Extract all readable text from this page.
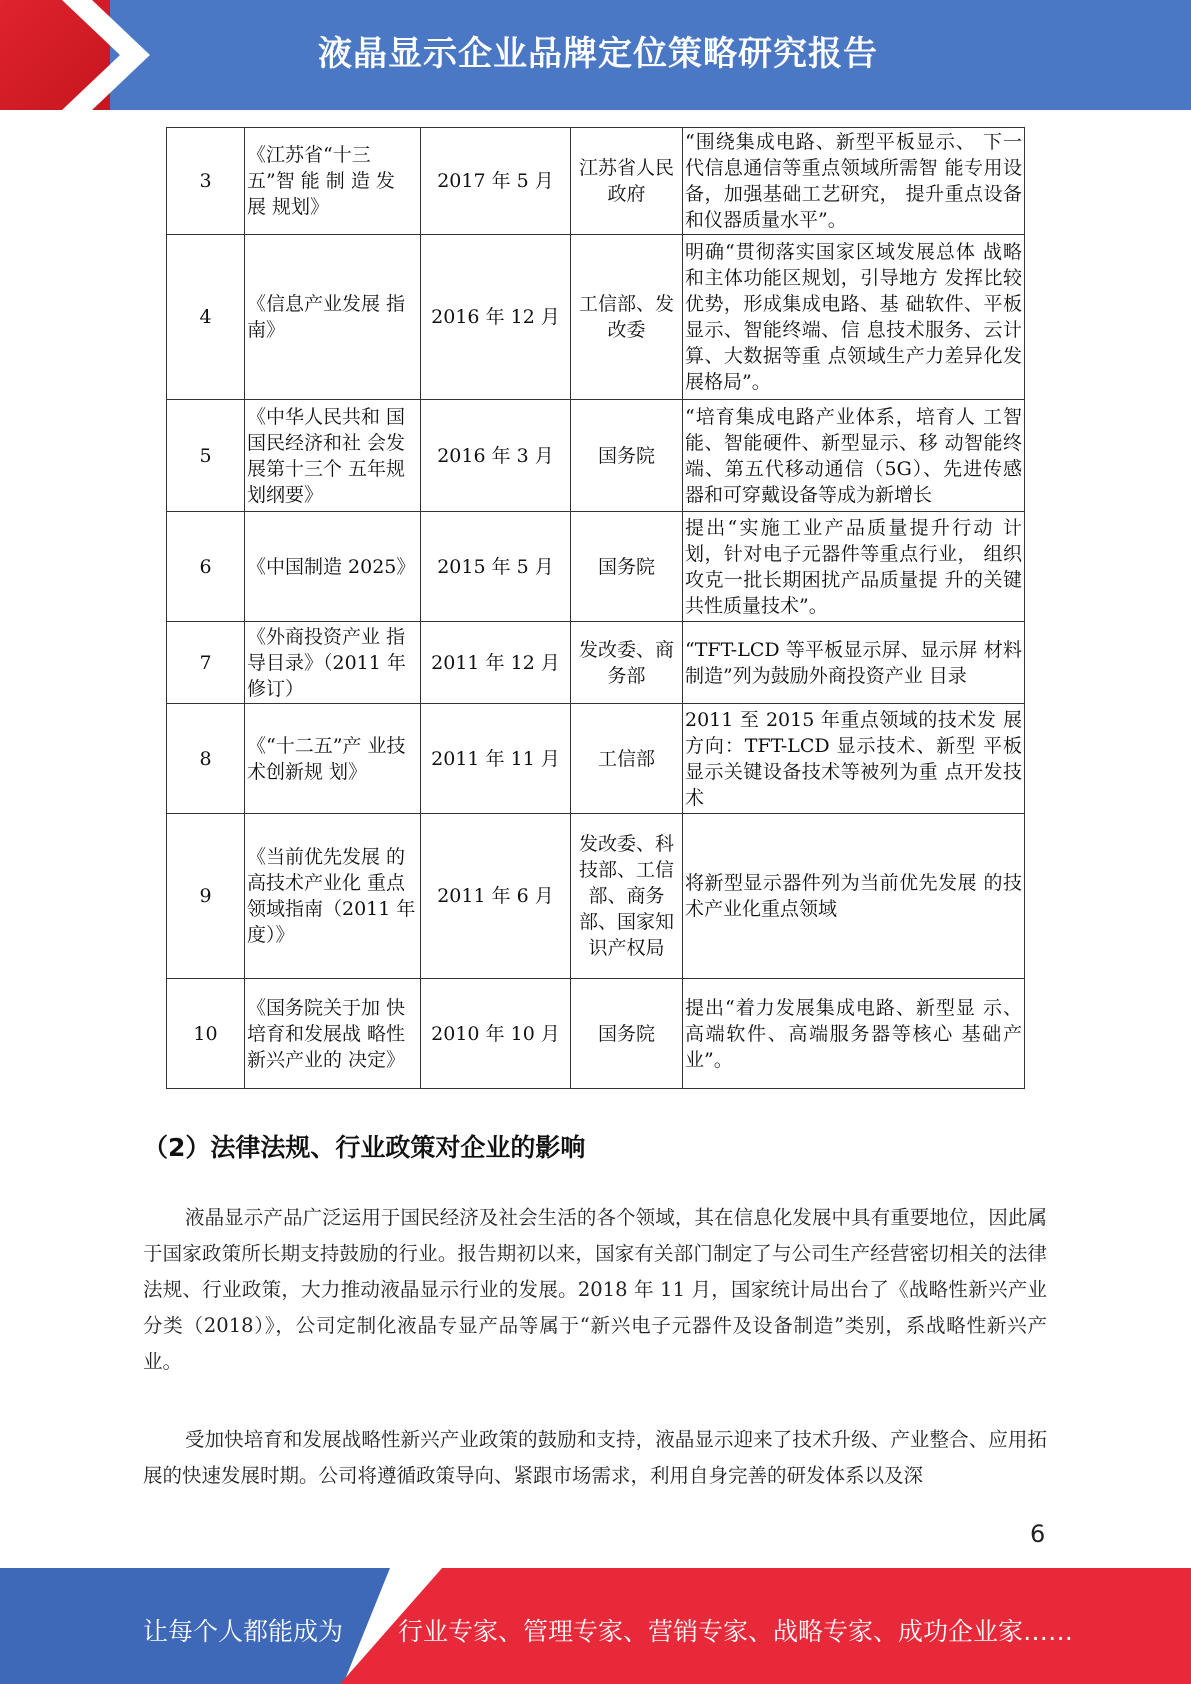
液晶显示企业品牌定位策略研究报告
3	《江苏省“十三 五”智 能 制 造 发 展 规划》	2017 年 5 月	江苏省人民政府	“围绕集成电路、新型平板显示、 下一代信息通信等重点领域所需智 能专用设备，加强基础工艺研究， 提升重点设备和仪器质量水平”。
4	《信息产业发展 指南》	2016 年 12 月	工信部、发改委	明确“贯彻落实国家区域发展总体 战略和主体功能区规划，引导地方 发挥比较优势，形成集成电路、基 础软件、平板显示、智能终端、信 息技术服务、云计算、大数据等重 点领域生产力差异化发展格局”。
5	《中华人民共和 国国民经济和社 会发展第十三个 五年规划纲要》	2016 年 3 月	国务院	“培育集成电路产业体系，培育人 工智能、智能硬件、新型显示、移 动智能终端、第五代移动通信（5G）、先进传感器和可穿戴设备等成为新增长
6	《中国制造 2025》	2015 年 5 月	国务院	提出“实施工业产品质量提升行动 计划，针对电子元器件等重点行业， 组织攻克一批长期困扰产品质量提 升的关键共性质量技术”。
7	《外商投资产业 指导目录》（2011 年修订）	2011 年 12 月	发改委、商务部	“TFT-LCD 等平板显示屏、显示屏 材料制造”列为鼓励外商投资产业 目录
8	《“十二五”产 业技术创新规 划》	2011 年 11 月	工信部	2011 至 2015 年重点领域的技术发 展方向：TFT-LCD 显示技术、新型 平板显示关键设备技术等被列为重 点开发技术
9	《当前优先发展 的高技术产业化 重点领域指南（2011 年度）》	2011 年 6 月	发改委、科技部、工信部、商务部、国家知识产权局	将新型显示器件列为当前优先发展 的技术产业化重点领域
10	《国务院关于加 快培育和发展战 略性新兴产业的 决定》	2010 年 10 月	国务院	提出“着力发展集成电路、新型显 示、高端软件、高端服务器等核心 基础产业”。
（2）法律法规、行业政策对企业的影响
液晶显示产品广泛运用于国民经济及社会生活的各个领域，其在信息化发展中具有重要地位，因此属于国家政策所长期支持鼓励的行业。报告期初以来，国家有关部门制定了与公司生产经营密切相关的法律法规、行业政策，大力推动液晶显示行业的发展。2018 年 11 月，国家统计局出台了《战略性新兴产业分类（2018）》，公司定制化液晶专显产品等属于“新兴电子元器件及设备制造”类别，系战略性新兴产业。
受加快培育和发展战略性新兴产业政策的鼓励和支持，液晶显示迎来了技术升级、产业整合、应用拓展的快速发展时期。公司将遵循政策导向、紧跟市场需求，利用自身完善的研发体系以及深
6
让每个人都能成为 行业专家、管理专家、营销专家、战略专家、成功企业家……
